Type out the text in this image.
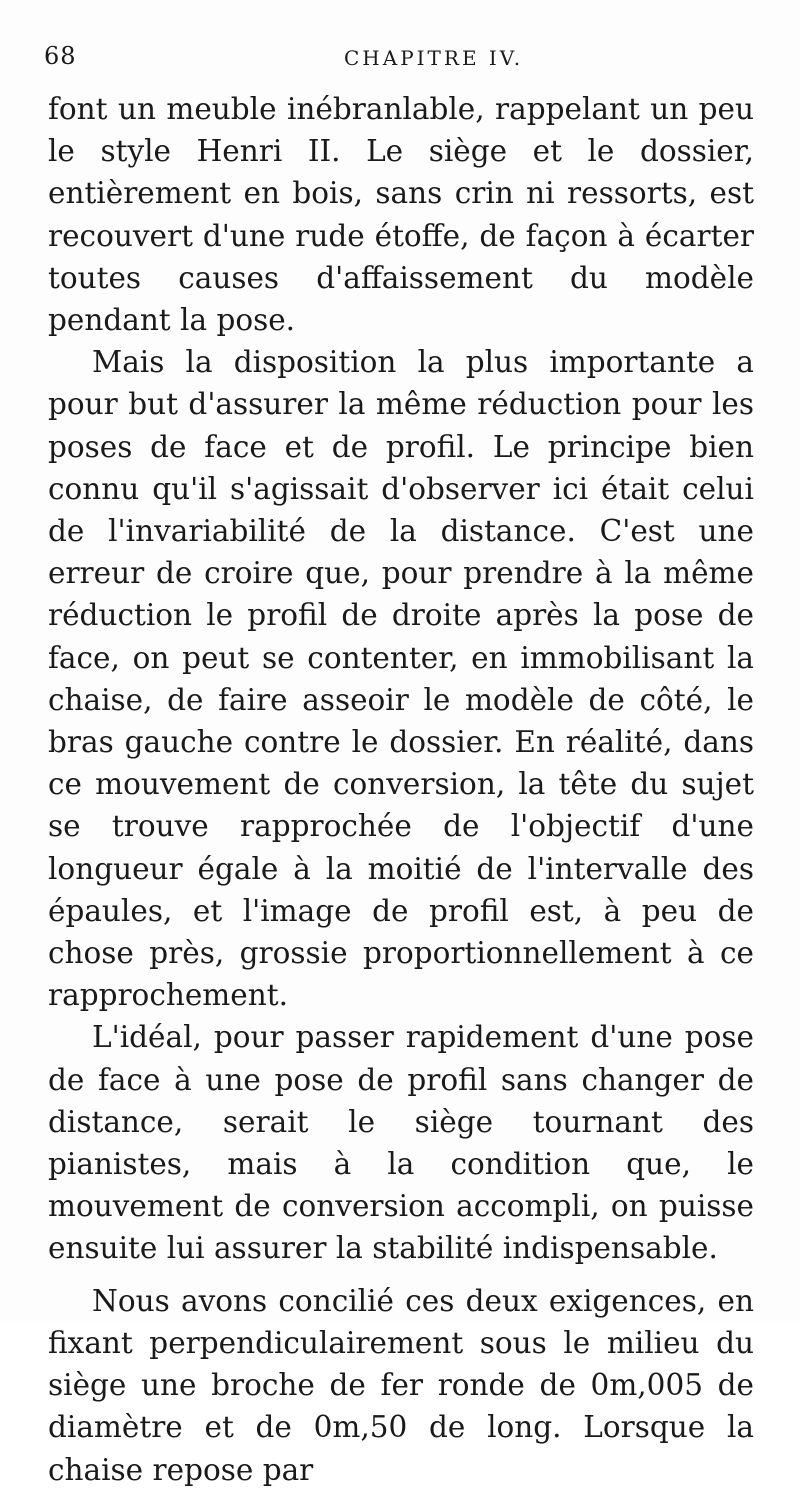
68	CHAPITRE IV.

font un meuble inébranlable, rappelant un peu le style Henri II. Le siège et le dossier, entièrement en bois, sans crin ni ressorts, est recouvert d'une rude étoffe, de façon à écarter toutes causes d'affaissement du modèle pendant la pose.

Mais la disposition la plus importante a pour but d'assurer la même réduction pour les poses de face et de profil. Le principe bien connu qu'il s'agissait d'observer ici était celui de l'invariabilité de la distance. C'est une erreur de croire que, pour prendre à la même réduction le profil de droite après la pose de face, on peut se contenter, en immobilisant la chaise, de faire asseoir le modèle de côté, le bras gauche contre le dossier. En réalité, dans ce mouvement de conversion, la tête du sujet se trouve rapprochée de l'objectif d'une longueur égale à la moitié de l'intervalle des épaules, et l'image de profil est, à peu de chose près, grossie proportionnellement à ce rapprochement.

L'idéal, pour passer rapidement d'une pose de face à une pose de profil sans changer de distance, serait le siège tournant des pianistes, mais à la condition que, le mouvement de conversion accompli, on puisse ensuite lui assurer la stabilité indispensable.

Nous avons concilié ces deux exigences, en fixant perpendiculairement sous le milieu du siège une broche de fer ronde de 0m,005 de diamètre et de 0m,50 de long. Lorsque la chaise repose par
